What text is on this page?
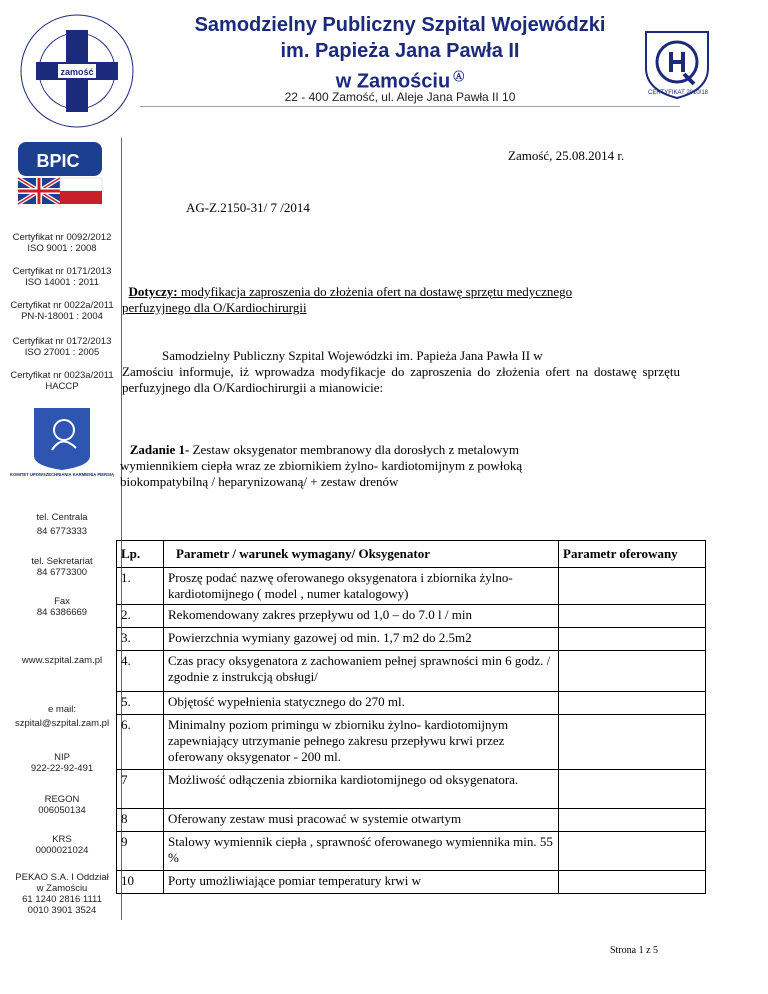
zamość
Samodzielny Publiczny Szpital Wojewódzki
im. Papieża Jana Pawła II
w Zamościu Ⓐ
22 - 400 Zamość, ul. Aleje Jana Pawła II 10	CERTYFIKAT 2010/18
BPIC
Certyfikat nr 0092/2012
ISO 9001 : 2008
Certyfikat nr 0171/2013
ISO 14001 : 2011
Certyfikat nr 0022a/2011
PN-N-18001 : 2004
Certyfikat nr 0172/2013
ISO 27001 : 2005
Certyfikat nr 0023a/2011
HACCP
KOMITET UPOWSZECHNIANIA KARMIENIA PIERSIĄ
tel. Centrala
84 6773333
tel. Sekretariat
84 6773300
Fax
84 6386669
www.szpital.zam.pl
e mail:
szpital@szpital.zam.pl
NIP
922-22-92-491
REGON
006050134
KRS
0000021024
PEKAO S.A. I Oddział
w Zamościu
61 1240 2816 1111
0010 3901 3524
Zamość, 25.08.2014 r.
AG-Z.2150-31/ 7 /2014
Dotyczy: modyfikacja zaproszenia do złożenia ofert na dostawę sprzętu medycznego
perfuzyjnego dla O/Kardiochirurgii
Samodzielny Publiczny Szpital Wojewódzki im. Papieża Jana Pawła II w
Zamościu informuje, iż wprowadza modyfikacje do zaproszenia do złożenia ofert na dostawę sprzętu perfuzyjnego dla O/Kardiochirurgii a mianowicie:
Zadanie 1- Zestaw oksygenator membranowy dla dorosłych z metalowym
wymiennikiem ciepła wraz ze zbiornikiem żylno- kardiotomijnym z powłoką
biokompatybilną / heparynizowaną/ + zestaw drenów
Lp.	Parametr / warunek wymagany/ Oksygenator	Parametr oferowany
1.	Proszę podać nazwę oferowanego oksygenatora i zbiornika żylno- kardiotomijnego ( model , numer katalogowy)	
2.	Rekomendowany zakres przepływu od 1,0 – do 7.0 l / min	
3.	Powierzchnia wymiany gazowej od min. 1,7 m2 do 2.5m2	
4.	Czas pracy oksygenatora z zachowaniem pełnej sprawności min 6 godz. / zgodnie z instrukcją obsługi/	
5.	Objętość wypełnienia statycznego do 270 ml.	
6.	Minimalny poziom primingu w zbiorniku żylno- kardiotomijnym zapewniający utrzymanie pełnego zakresu przepływu krwi przez oferowany oksygenator - 200 ml.	
7	Możliwość odłączenia zbiornika kardiotomijnego od oksygenatora.	
8	Oferowany zestaw musi pracować w systemie otwartym	
9	Stalowy wymiennik ciepła , sprawność oferowanego wymiennika min. 55 %	
10	Porty umożliwiające pomiar temperatury krwi w	
Strona 1 z 5
